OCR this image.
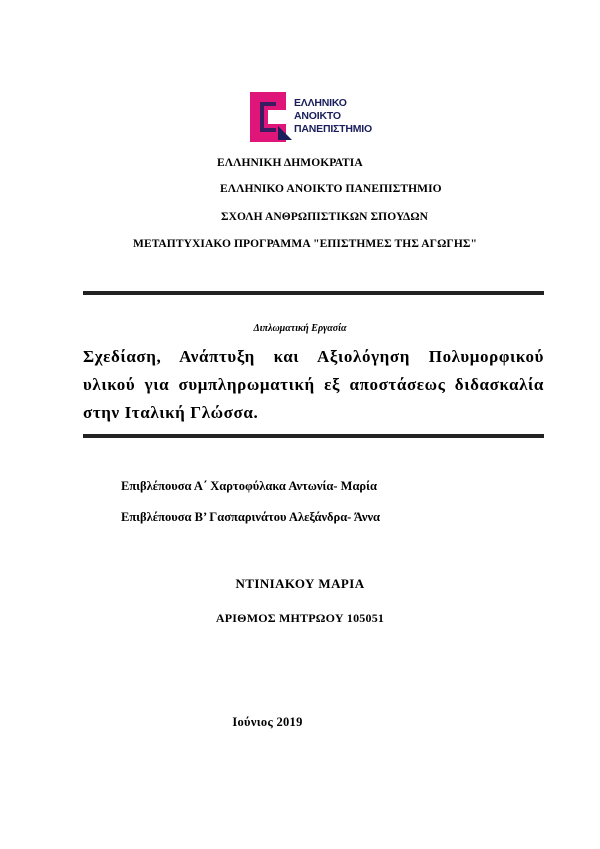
ΕΛΛΗΝΙΚΟ
ΑΝΟΙΚΤΟ
ΠΑΝΕΠΙΣΤΗΜΙΟ
ΕΛΛΗΝΙΚΗ ΔΗΜΟΚΡΑΤΙΑ
ΕΛΛΗΝΙΚΟ ΑΝΟΙΚΤΟ ΠΑΝΕΠΙΣΤΗΜΙΟ
ΣΧΟΛΗ ΑΝΘΡΩΠΙΣΤΙΚΩΝ ΣΠΟΥΔΩΝ
ΜΕΤΑΠΤΥΧΙΑΚΟ ΠΡΟΓΡΑΜΜΑ "ΕΠΙΣΤΗΜΕΣ ΤΗΣ ΑΓΩΓΗΣ"
Διπλωματική Εργασία
Σχεδίαση, Ανάπτυξη και Αξιολόγηση Πολυμορφικού υλικού για συμπληρωματική εξ αποστάσεως διδασκαλία στην Ιταλική Γλώσσα.
Επιβλέπουσα Α΄ Χαρτοφύλακα Αντωνία- Μαρία
Επιβλέπουσα Β’ Γασπαρινάτου Αλεξάνδρα- Άννα
ΝΤΙΝΙΑΚΟΥ ΜΑΡΙΑ
ΑΡΙΘΜΟΣ ΜΗΤΡΩΟΥ 105051
Ιούνιος 2019
